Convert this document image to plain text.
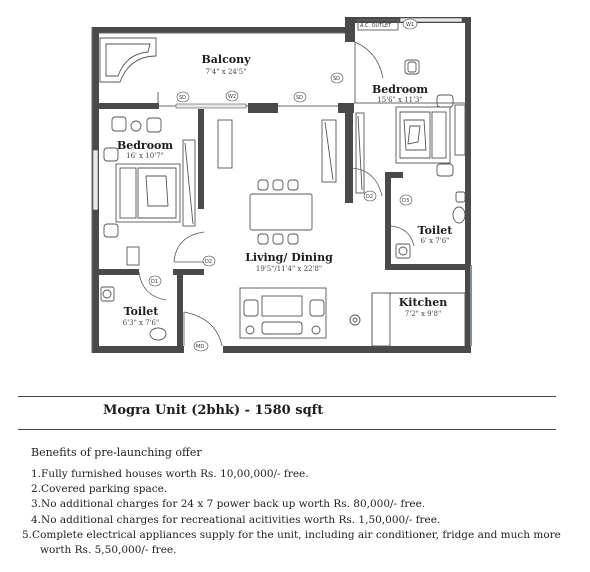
A.C. OUTLET	W1
W2
SD	SD
SD
D2
D3
D2
D1
MD
Balcony
7'4" x 24'5"
Bedroom
15'6" x 11'3"
Bedroom
16' x 10'7"
Toilet
6' x 7'6"
Living/ Dining
19'5"/11'4" x 22'8"
Toilet
6'3" x 7'6"
Kitchen
7'2" x 9'8"
Mogra Unit (2bhk) - 1580 sqft
Benefits of pre-launching offer
1.Fully furnished houses worth Rs. 10,00,000/- free.
2.Covered parking space.
3.No additional charges for 24 x 7 power back up worth Rs. 80,000/- free.
4.No additional charges for recreational acitivities worth Rs. 1,50,000/- free.
5.Complete electrical appliances supply for the unit, including air conditioner, fridge and much more worth Rs. 5,50,000/- free.
